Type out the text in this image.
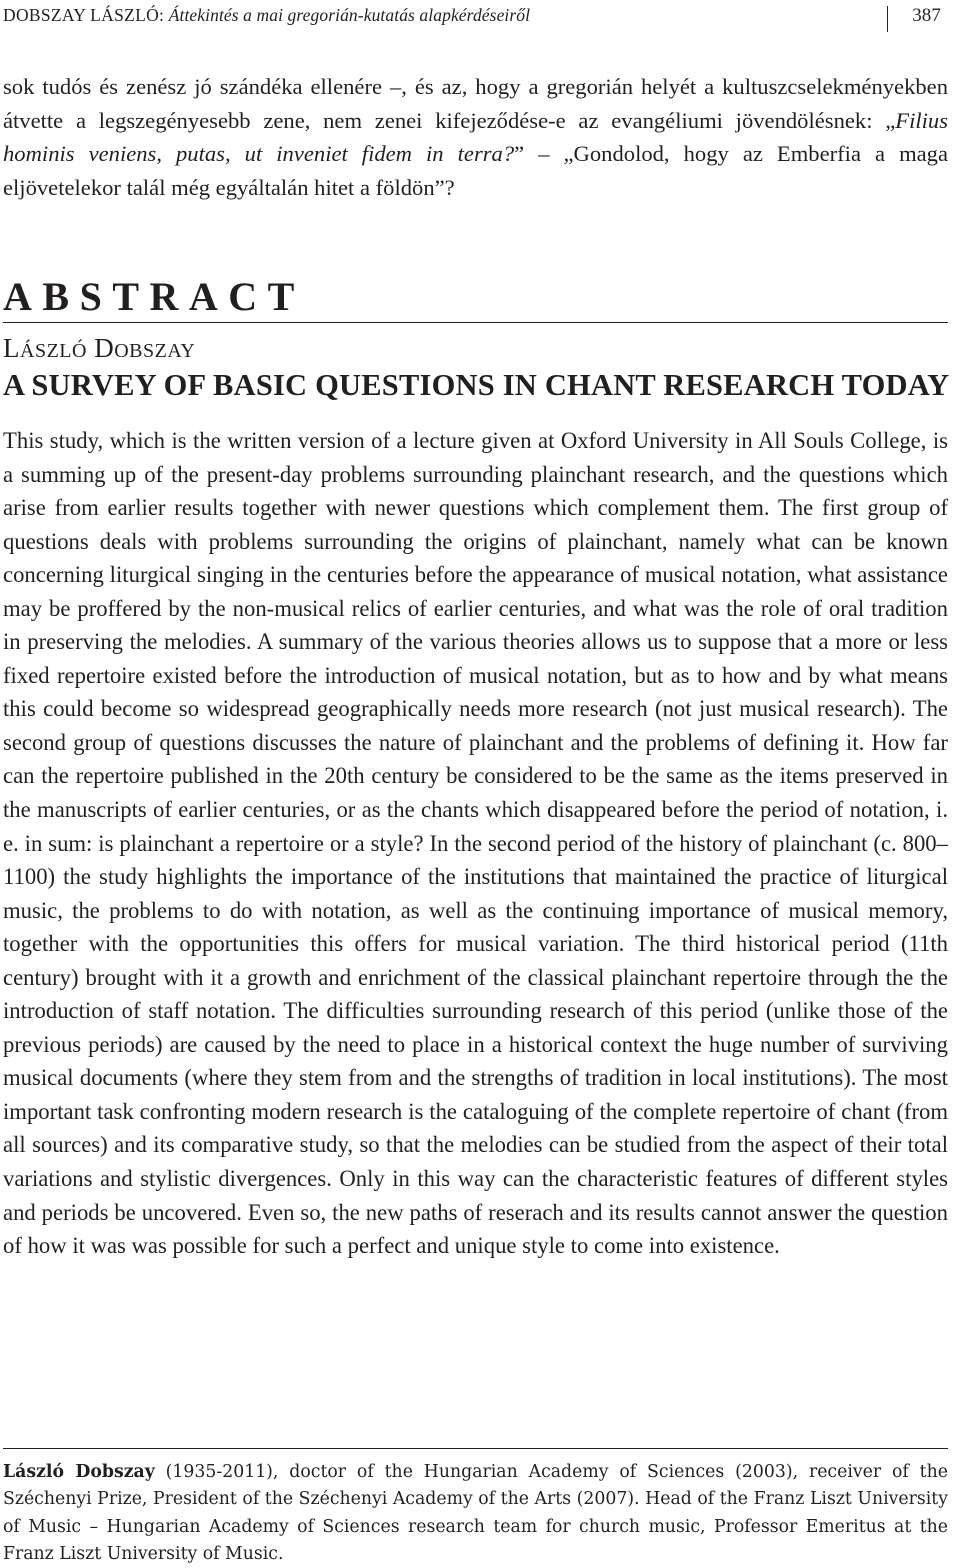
DOBSZAY LÁSZLÓ: Áttekintés a mai gregorián-kutatás alapkérdéseiről	387

sok tudós és zenész jó szándéka ellenére –, és az, hogy a gregorián helyét a kultuszcselekményekben átvette a legszegényesebb zene, nem zenei kifejeződése-e az evangéliumi jövendölésnek: „Filius hominis veniens, putas, ut inveniet fidem in terra?” – „Gondolod, hogy az Emberfia a maga eljövetelekor talál még egyáltalán hitet a földön”?

ABSTRACT

LÁSZLÓ DOBSZAY

A SURVEY OF BASIC QUESTIONS IN CHANT RESEARCH TODAY

This study, which is the written version of a lecture given at Oxford University in All Souls College, is a summing up of the present-day problems surrounding plainchant research, and the questions which arise from earlier results together with newer questions which complement them. The first group of questions deals with problems surrounding the origins of plainchant, namely what can be known concerning liturgical singing in the centuries before the appearance of musical notation, what assistance may be proffered by the non-musical relics of earlier centuries, and what was the role of oral tradition in preserving the melodies. A summary of the various theories allows us to suppose that a more or less fixed repertoire existed before the introduction of musical notation, but as to how and by what means this could become so widespread geographically needs more research (not just musical research). The second group of questions discusses the nature of plainchant and the problems of defining it. How far can the repertoire published in the 20th century be considered to be the same as the items preserved in the manuscripts of earlier centuries, or as the chants which disappeared before the period of notation, i. e. in sum: is plainchant a repertoire or a style? In the second period of the history of plainchant (c. 800–1100) the study highlights the importance of the institutions that maintained the practice of liturgical music, the problems to do with notation, as well as the continuing importance of musical memory, together with the opportunities this offers for musical variation. The third historical period (11th century) brought with it a growth and enrichment of the classical plainchant repertoire through the the introduction of staff notation. The difficulties surrounding research of this period (unlike those of the previous periods) are caused by the need to place in a historical context the huge number of surviving musical documents (where they stem from and the strengths of tradition in local institutions). The most important task confronting modern research is the cataloguing of the complete repertoire of chant (from all sources) and its comparative study, so that the melodies can be studied from the aspect of their total variations and stylistic divergences. Only in this way can the characteristic features of different styles and periods be uncovered. Even so, the new paths of reserach and its results cannot answer the question of how it was was possible for such a perfect and unique style to come into existence.

László Dobszay (1935-2011), doctor of the Hungarian Academy of Sciences (2003), receiver of the Széchenyi Prize, President of the Széchenyi Academy of the Arts (2007). Head of the Franz Liszt University of Music – Hungarian Academy of Sciences research team for church music, Professor Emeritus at the Franz Liszt University of Music.
